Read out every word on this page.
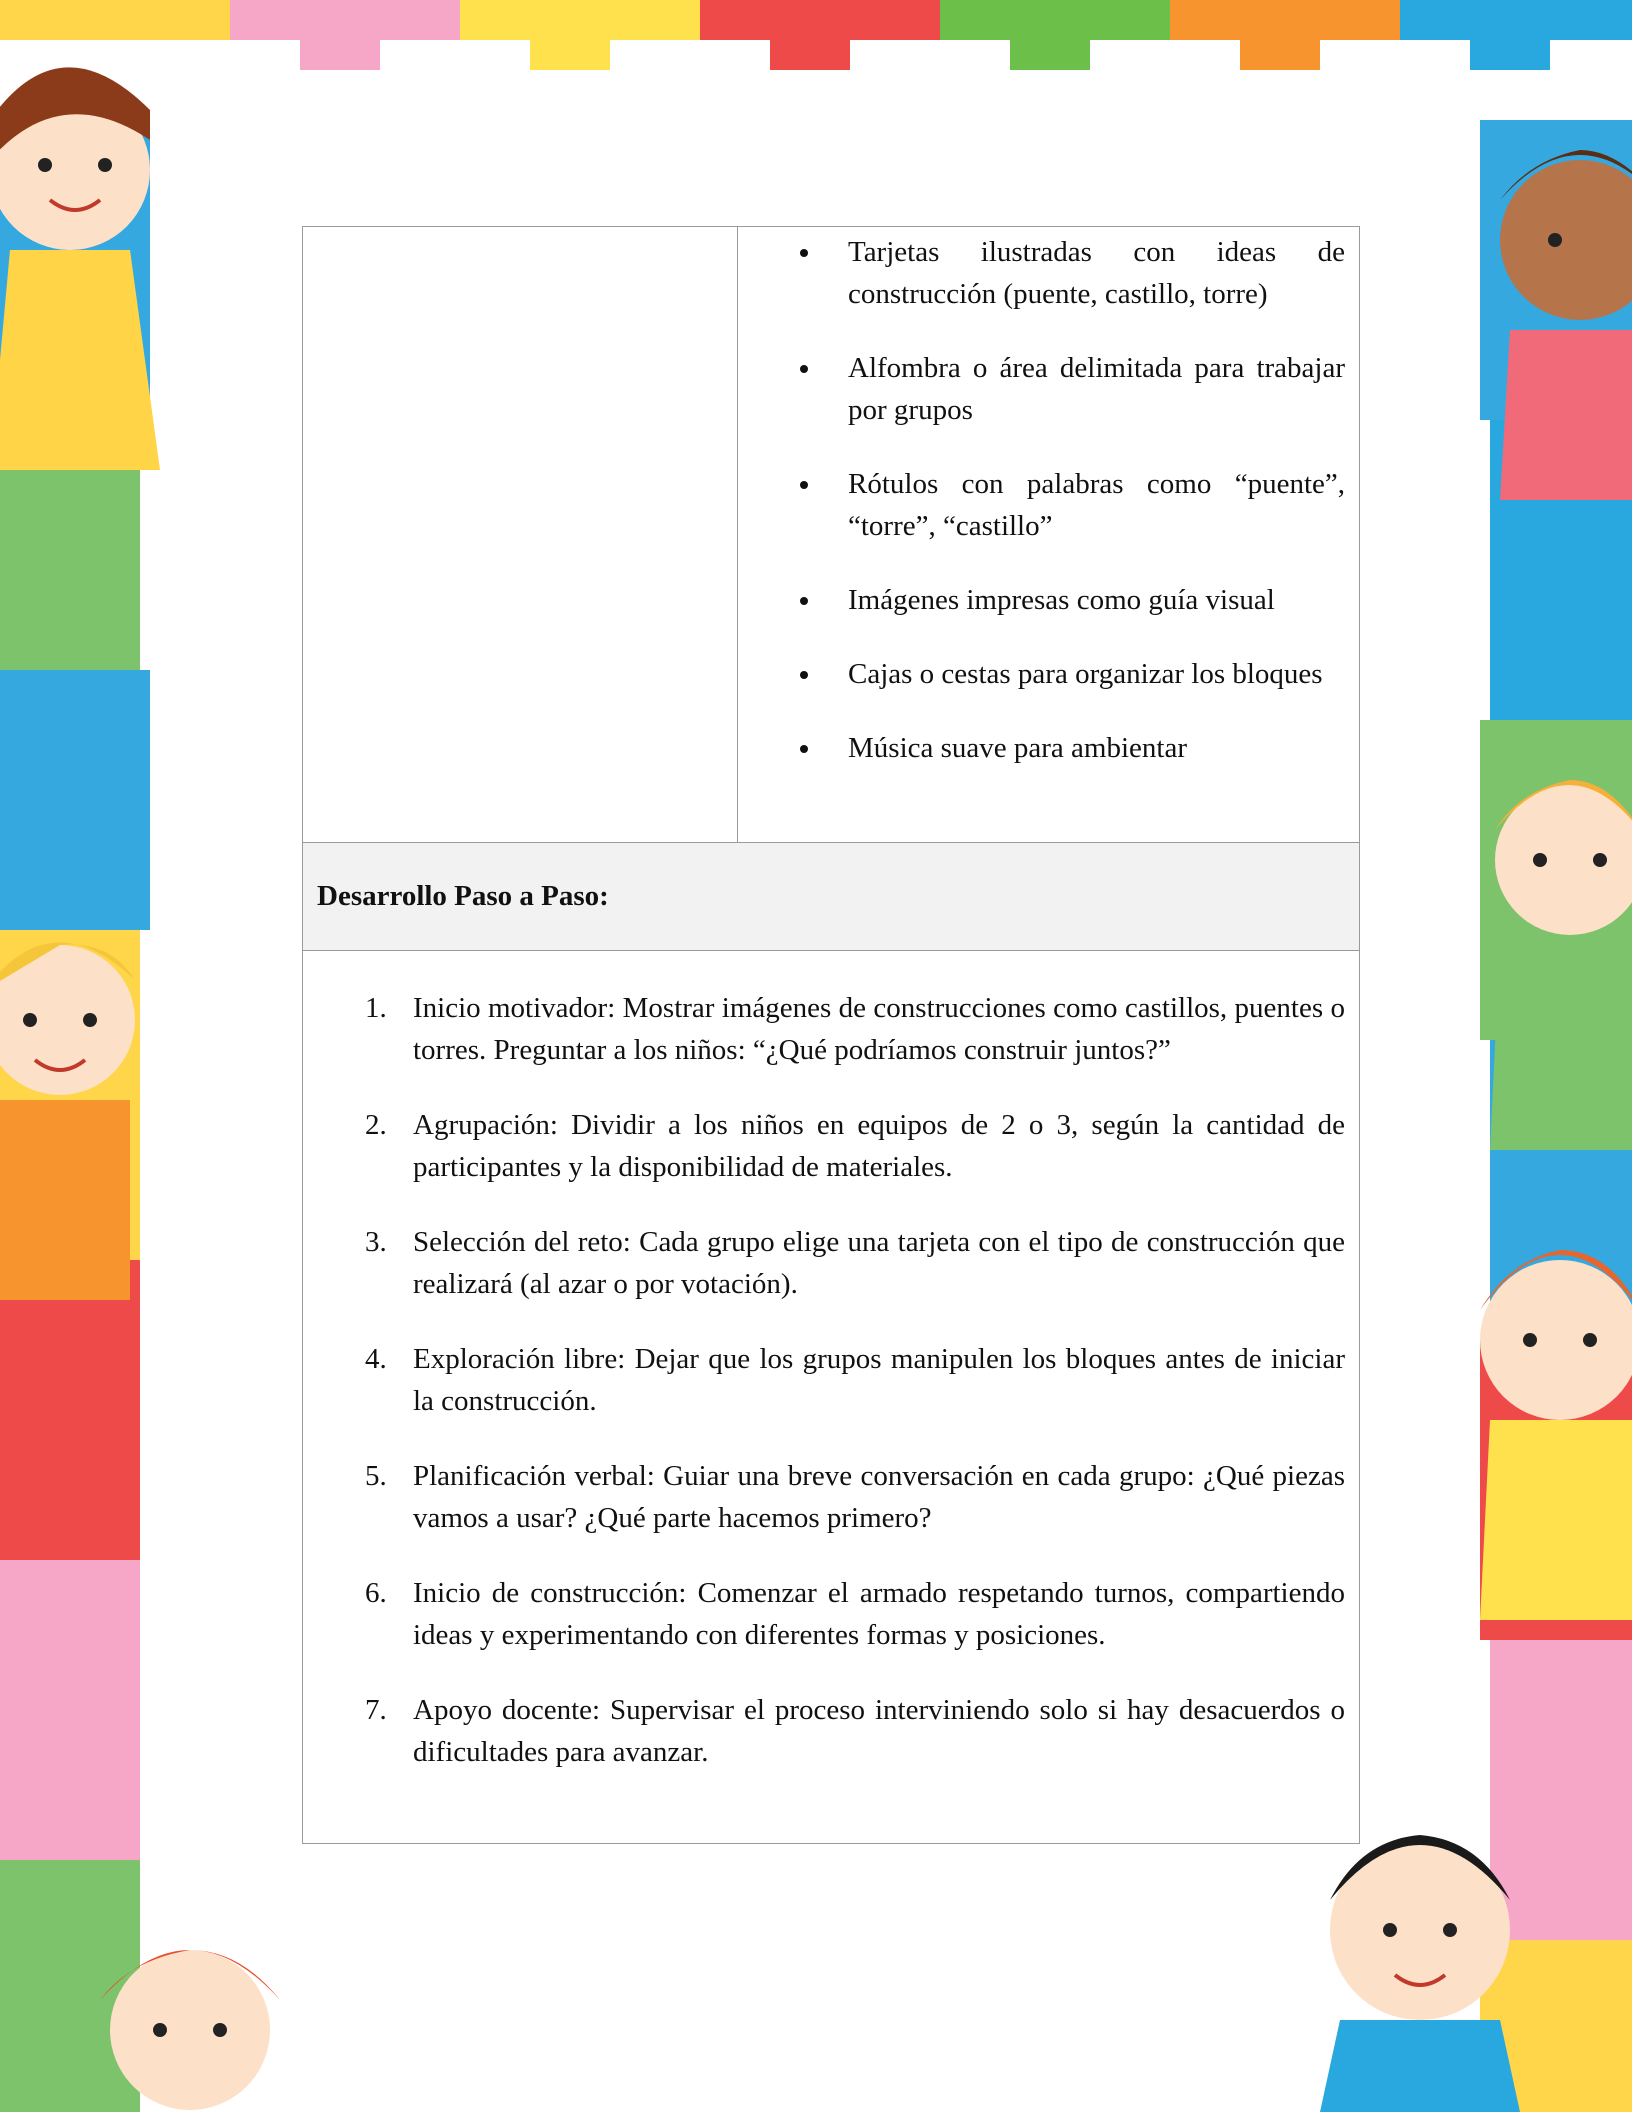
Tarjetas ilustradas con ideas de construcción (puente, castillo, torre)
Alfombra o área delimitada para trabajar por grupos
Rótulos con palabras como “puente”, “torre”, “castillo”
Imágenes impresas como guía visual
Cajas o cestas para organizar los bloques
Música suave para ambientar
Desarrollo Paso a Paso:
1. Inicio motivador: Mostrar imágenes de construcciones como castillos, puentes o torres. Preguntar a los niños: “¿Qué podríamos construir juntos?”
2. Agrupación: Dividir a los niños en equipos de 2 o 3, según la cantidad de participantes y la disponibilidad de materiales.
3. Selección del reto: Cada grupo elige una tarjeta con el tipo de construcción que realizará (al azar o por votación).
4. Exploración libre: Dejar que los grupos manipulen los bloques antes de iniciar la construcción.
5. Planificación verbal: Guiar una breve conversación en cada grupo: ¿Qué piezas vamos a usar? ¿Qué parte hacemos primero?
6. Inicio de construcción: Comenzar el armado respetando turnos, compartiendo ideas y experimentando con diferentes formas y posiciones.
7. Apoyo docente: Supervisar el proceso interviniendo solo si hay desacuerdos o dificultades para avanzar.
